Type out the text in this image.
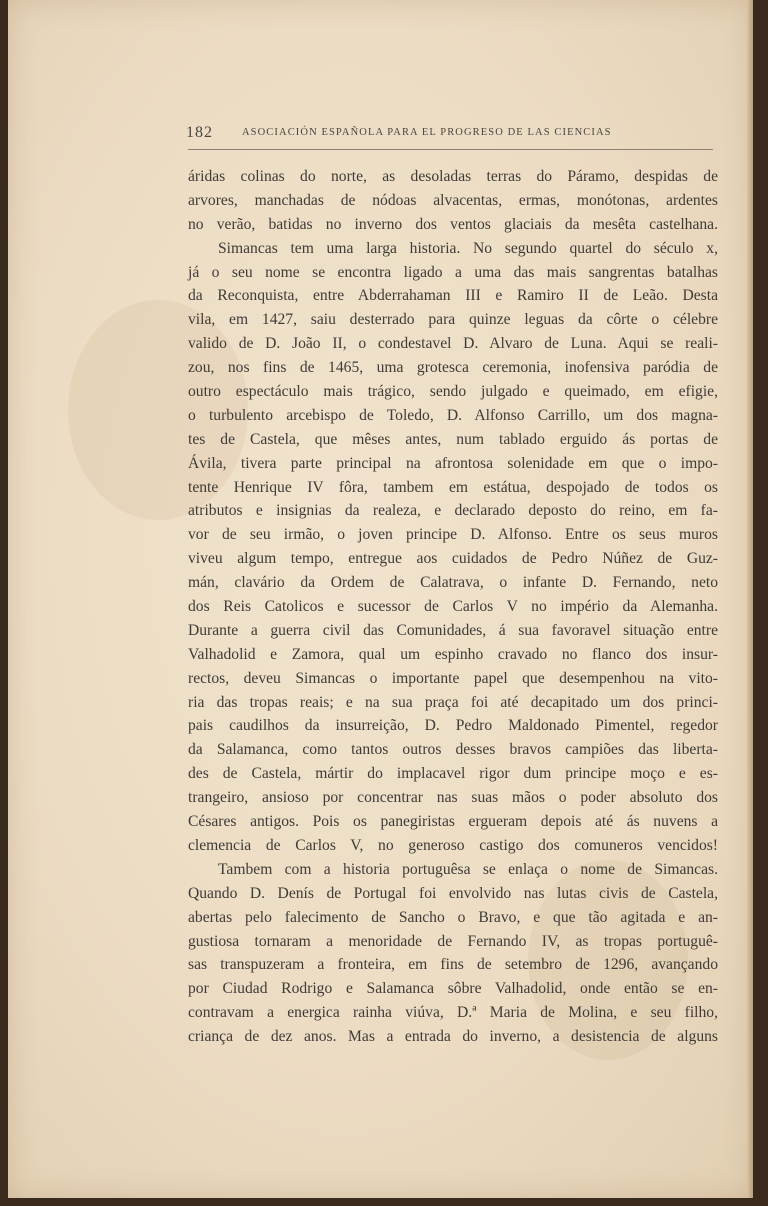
182	ASOCIACIÓN ESPAÑOLA PARA EL PROGRESO DE LAS CIENCIAS
áridas colinas do norte, as desoladas terras do Páramo, despidas de
arvores, manchadas de nódoas alvacentas, ermas, monótonas, ardentes
no verão, batidas no inverno dos ventos glaciais da mesêta castelhana.
Simancas tem uma larga historia. No segundo quartel do século x,
já o seu nome se encontra ligado a uma das mais sangrentas batalhas
da Reconquista, entre Abderrahaman III e Ramiro II de Leão. Desta
vila, em 1427, saiu desterrado para quinze leguas da côrte o célebre
valido de D. João II, o condestavel D. Alvaro de Luna. Aqui se reali-
zou, nos fins de 1465, uma grotesca ceremonia, inofensiva paródia de
outro espectáculo mais trágico, sendo julgado e queimado, em efigie,
o turbulento arcebispo de Toledo, D. Alfonso Carrillo, um dos magna-
tes de Castela, que mêses antes, num tablado erguido ás portas de
Ávila, tivera parte principal na afrontosa solenidade em que o impo-
tente Henrique IV fôra, tambem em estátua, despojado de todos os
atributos e insignias da realeza, e declarado deposto do reino, em fa-
vor de seu irmão, o joven principe D. Alfonso. Entre os seus muros
viveu algum tempo, entregue aos cuidados de Pedro Núñez de Guz-
mán, clavário da Ordem de Calatrava, o infante D. Fernando, neto
dos Reis Catolicos e sucessor de Carlos V no império da Alemanha.
Durante a guerra civil das Comunidades, á sua favoravel situação entre
Valhadolid e Zamora, qual um espinho cravado no flanco dos insur-
rectos, deveu Simancas o importante papel que desempenhou na vito-
ria das tropas reais; e na sua praça foi até decapitado um dos princi-
pais caudilhos da insurreição, D. Pedro Maldonado Pimentel, regedor
da Salamanca, como tantos outros desses bravos campiões das liberta-
des de Castela, mártir do implacavel rigor dum principe moço e es-
trangeiro, ansioso por concentrar nas suas mãos o poder absoluto dos
Césares antigos. Pois os panegiristas ergueram depois até ás nuvens a
clemencia de Carlos V, no generoso castigo dos comuneros vencidos!
Tambem com a historia portuguêsa se enlaça o nome de Simancas.
Quando D. Denís de Portugal foi envolvido nas lutas civis de Castela,
abertas pelo falecimento de Sancho o Bravo, e que tão agitada e an-
gustiosa tornaram a menoridade de Fernando IV, as tropas portuguê-
sas transpuzeram a fronteira, em fins de setembro de 1296, avançando
por Ciudad Rodrigo e Salamanca sôbre Valhadolid, onde então se en-
contravam a energica rainha viúva, D.ª Maria de Molina, e seu filho,
criança de dez anos. Mas a entrada do inverno, a desistencia de alguns
